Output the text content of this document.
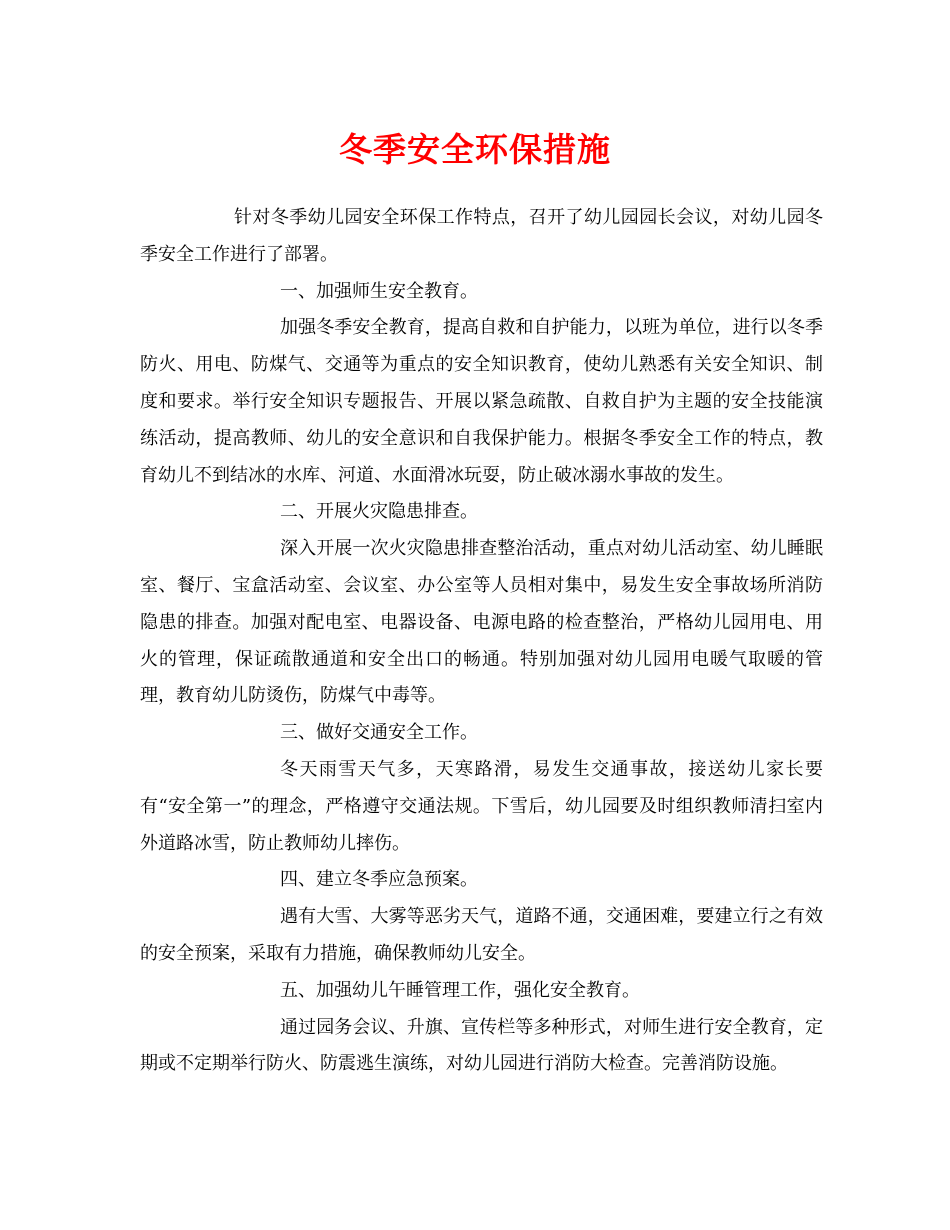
冬季安全环保措施

针对冬季幼儿园安全环保工作特点，召开了幼儿园园长会议，对幼儿园冬季安全工作进行了部署。

一、加强师生安全教育。

加强冬季安全教育，提高自救和自护能力，以班为单位，进行以冬季防火、用电、防煤气、交通等为重点的安全知识教育，使幼儿熟悉有关安全知识、制度和要求。举行安全知识专题报告、开展以紧急疏散、自救自护为主题的安全技能演练活动，提高教师、幼儿的安全意识和自我保护能力。根据冬季安全工作的特点，教育幼儿不到结冰的水库、河道、水面滑冰玩耍，防止破冰溺水事故的发生。

二、开展火灾隐患排查。

深入开展一次火灾隐患排查整治活动，重点对幼儿活动室、幼儿睡眠室、餐厅、宝盒活动室、会议室、办公室等人员相对集中，易发生安全事故场所消防隐患的排查。加强对配电室、电器设备、电源电路的检查整治，严格幼儿园用电、用火的管理，保证疏散通道和安全出口的畅通。特别加强对幼儿园用电暖气取暖的管理，教育幼儿防烫伤，防煤气中毒等。

三、做好交通安全工作。

冬天雨雪天气多，天寒路滑，易发生交通事故，接送幼儿家长要有“安全第一”的理念，严格遵守交通法规。下雪后，幼儿园要及时组织教师清扫室内外道路冰雪，防止教师幼儿摔伤。

四、建立冬季应急预案。

遇有大雪、大雾等恶劣天气，道路不通，交通困难，要建立行之有效的安全预案，采取有力措施，确保教师幼儿安全。

五、加强幼儿午睡管理工作，强化安全教育。

通过园务会议、升旗、宣传栏等多种形式，对师生进行安全教育，定期或不定期举行防火、防震逃生演练，对幼儿园进行消防大检查。完善消防设施。
